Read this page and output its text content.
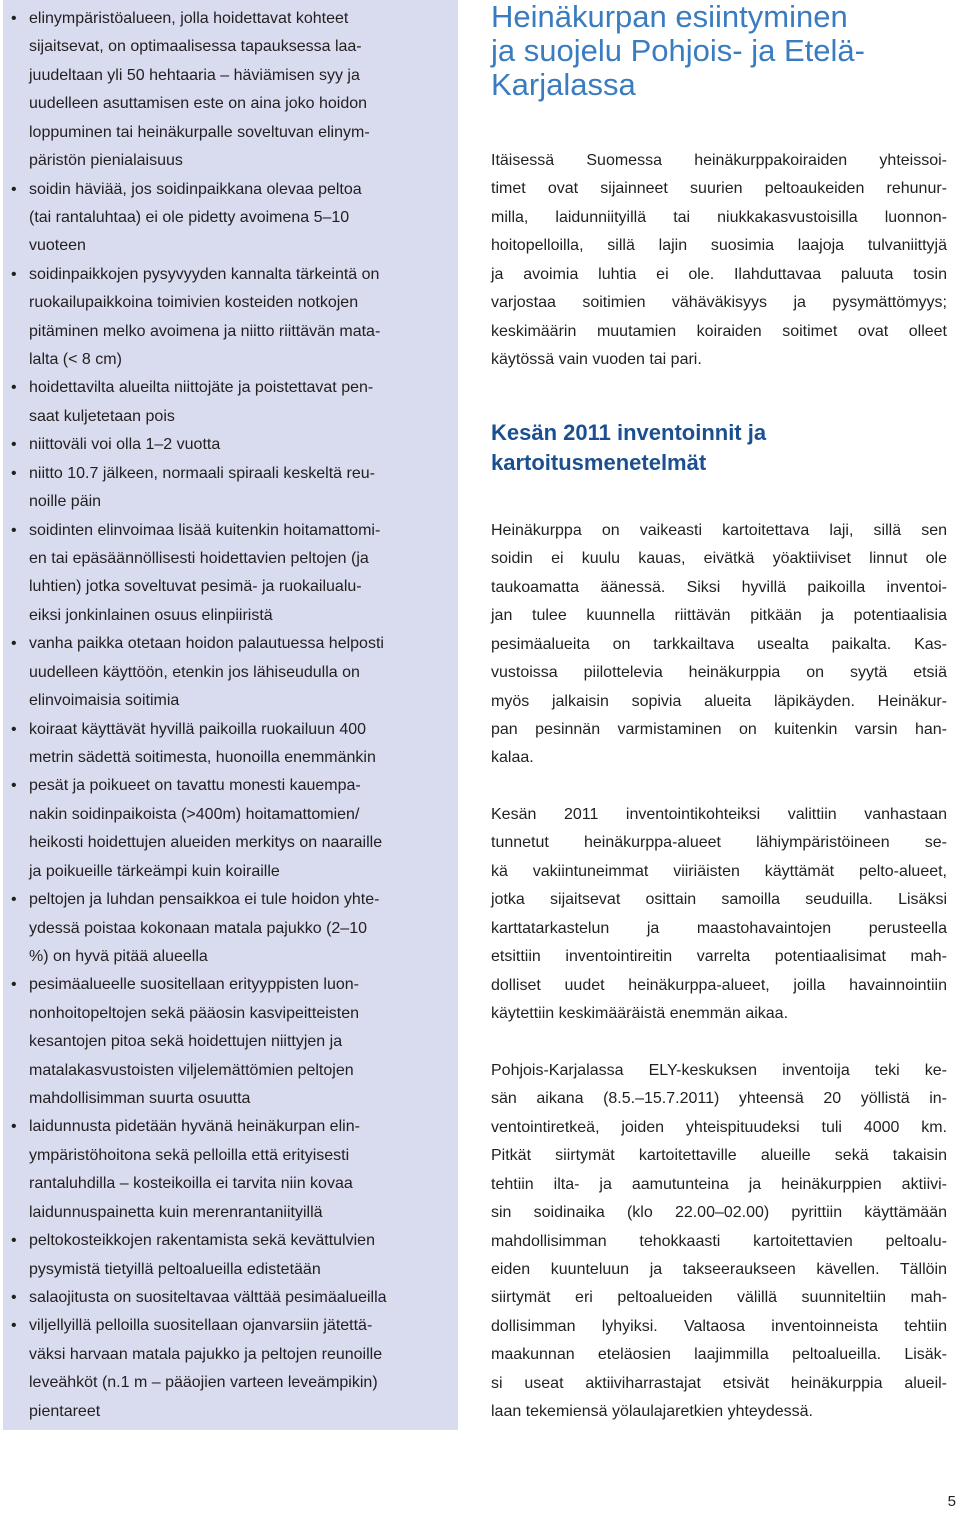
• elinympäristöalueen, jolla hoidettavat kohteet
sijaitsevat, on optimaalisessa tapauksessa laa-
juudeltaan yli 50 hehtaaria – häviämisen syy ja
uudelleen asuttamisen este on aina joko hoidon
loppuminen tai heinäkurpalle soveltuvan elinym-
päristön pienialaisuus
• soidin häviää, jos soidinpaikkana olevaa peltoa
(tai rantaluhtaa) ei ole pidetty avoimena 5–10
vuoteen
• soidinpaikkojen pysyvyyden kannalta tärkeintä on
ruokailupaikkoina toimivien kosteiden notkojen
pitäminen melko avoimena ja niitto riittävän mata-
lalta (< 8 cm)
• hoidettavilta alueilta niittojäte ja poistettavat pen-
saat kuljetetaan pois
• niittoväli voi olla 1–2 vuotta
• niitto 10.7 jälkeen, normaali spiraali keskeltä reu-
noille päin
• soidinten elinvoimaa lisää kuitenkin hoitamattomi-
en tai epäsäännöllisesti hoidettavien peltojen (ja
luhtien) jotka soveltuvat pesimä- ja ruokailualu-
eiksi jonkinlainen osuus elinpiiristä
• vanha paikka otetaan hoidon palautuessa helposti
uudelleen käyttöön, etenkin jos lähiseudulla on
elinvoimaisia soitimia
• koiraat käyttävät hyvillä paikoilla ruokailuun 400
metrin sädettä soitimesta, huonoilla enemmänkin
• pesät ja poikueet on tavattu monesti kauempa-
nakin soidinpaikoista (>400m) hoitamattomien/
heikosti hoidettujen alueiden merkitys on naaraille
ja poikueille tärkeämpi kuin koiraille
• peltojen ja luhdan pensaikkoa ei tule hoidon yhte-
ydessä poistaa kokonaan matala pajukko (2–10
%) on hyvä pitää alueella
• pesimäalueelle suositellaan erityyppisten luon-
nonhoitopeltojen sekä pääosin kasvipeitteisten
kesantojen pitoa sekä hoidettujen niittyjen ja
matalakasvustoisten viljelemättömien peltojen
mahdollisimman suurta osuutta
• laidunnusta pidetään hyvänä heinäkurpan elin-
ympäristöhoitona sekä pelloilla että erityisesti
rantaluhdilla – kosteikoilla ei tarvita niin kovaa
laidunnuspainetta kuin merenrantaniityillä
• peltokosteikkojen rakentamista sekä kevättulvien
pysymistä tietyillä peltoalueilla edistetään
• salaojitusta on suositeltavaa välttää pesimäalueilla
• viljellyillä pelloilla suositellaan ojanvarsiin jätettä-
väksi harvaan matala pajukko ja peltojen reunoille
leveähköt (n.1 m – pääojien varteen leveämpikin)
pientareet
Heinäkurpan esiintyminen
ja suojelu Pohjois- ja Etelä-
Karjalassa
Itäisessä Suomessa heinäkurppakoiraiden yhteissoi-
timet ovat sijainneet suurien peltoaukeiden rehunur-
milla, laidunniityillä tai niukkakasvustoisilla luonnon-
hoitopelloilla, sillä lajin suosimia laajoja tulvaniittyjä
ja avoimia luhtia ei ole. Ilahduttavaa paluuta tosin
varjostaa soitimien vähäväkisyys ja pysymättömyys;
keskimäärin muutamien koiraiden soitimet ovat olleet
käytössä vain vuoden tai pari.
Kesän 2011 inventoinnit ja
kartoitusmenetelmät
Heinäkurppa on vaikeasti kartoitettava laji, sillä sen
soidin ei kuulu kauas, eivätkä yöaktiiviset linnut ole
taukoamatta äänessä. Siksi hyvillä paikoilla inventoi-
jan tulee kuunnella riittävän pitkään ja potentiaalisia
pesimäalueita on tarkkailtava usealta paikalta. Kas-
vustoissa piilottelevia heinäkurppia on syytä etsiä
myös jalkaisin sopivia alueita läpikäyden. Heinäkur-
pan pesinnän varmistaminen on kuitenkin varsin han-
kalaa.
Kesän 2011 inventointikohteiksi valittiin vanhastaan
tunnetut heinäkurppa-alueet lähiympäristöineen se-
kä vakiintuneimmat viiriäisten käyttämät pelto-alueet,
jotka sijaitsevat osittain samoilla seuduilla. Lisäksi
karttatarkastelun ja maastohavaintojen perusteella
etsittiin inventointireitin varrelta potentiaalisimat mah-
dolliset uudet heinäkurppa-alueet, joilla havainnointiin
käytettiin keskimääräistä enemmän aikaa.
Pohjois-Karjalassa ELY-keskuksen inventoija teki ke-
sän aikana (8.5.–15.7.2011) yhteensä 20 yöllistä in-
ventointiretkeä, joiden yhteispituudeksi tuli 4000 km.
Pitkät siirtymät kartoitettaville alueille sekä takaisin
tehtiin ilta- ja aamutunteina ja heinäkurppien aktiivi-
sin soidinaika (klo 22.00–02.00) pyrittiin käyttämään
mahdollisimman tehokkaasti kartoitettavien peltoalu-
eiden kuunteluun ja takseeraukseen kävellen. Tällöin
siirtymät eri peltoalueiden välillä suunniteltiin mah-
dollisimman lyhyiksi. Valtaosa inventoinneista tehtiin
maakunnan eteläosien laajimmilla peltoalueilla. Lisäk-
si useat aktiiviharrastajat etsivät heinäkurppia alueil-
laan tekemiensä yölaulajaretkien yhteydessä.
5
